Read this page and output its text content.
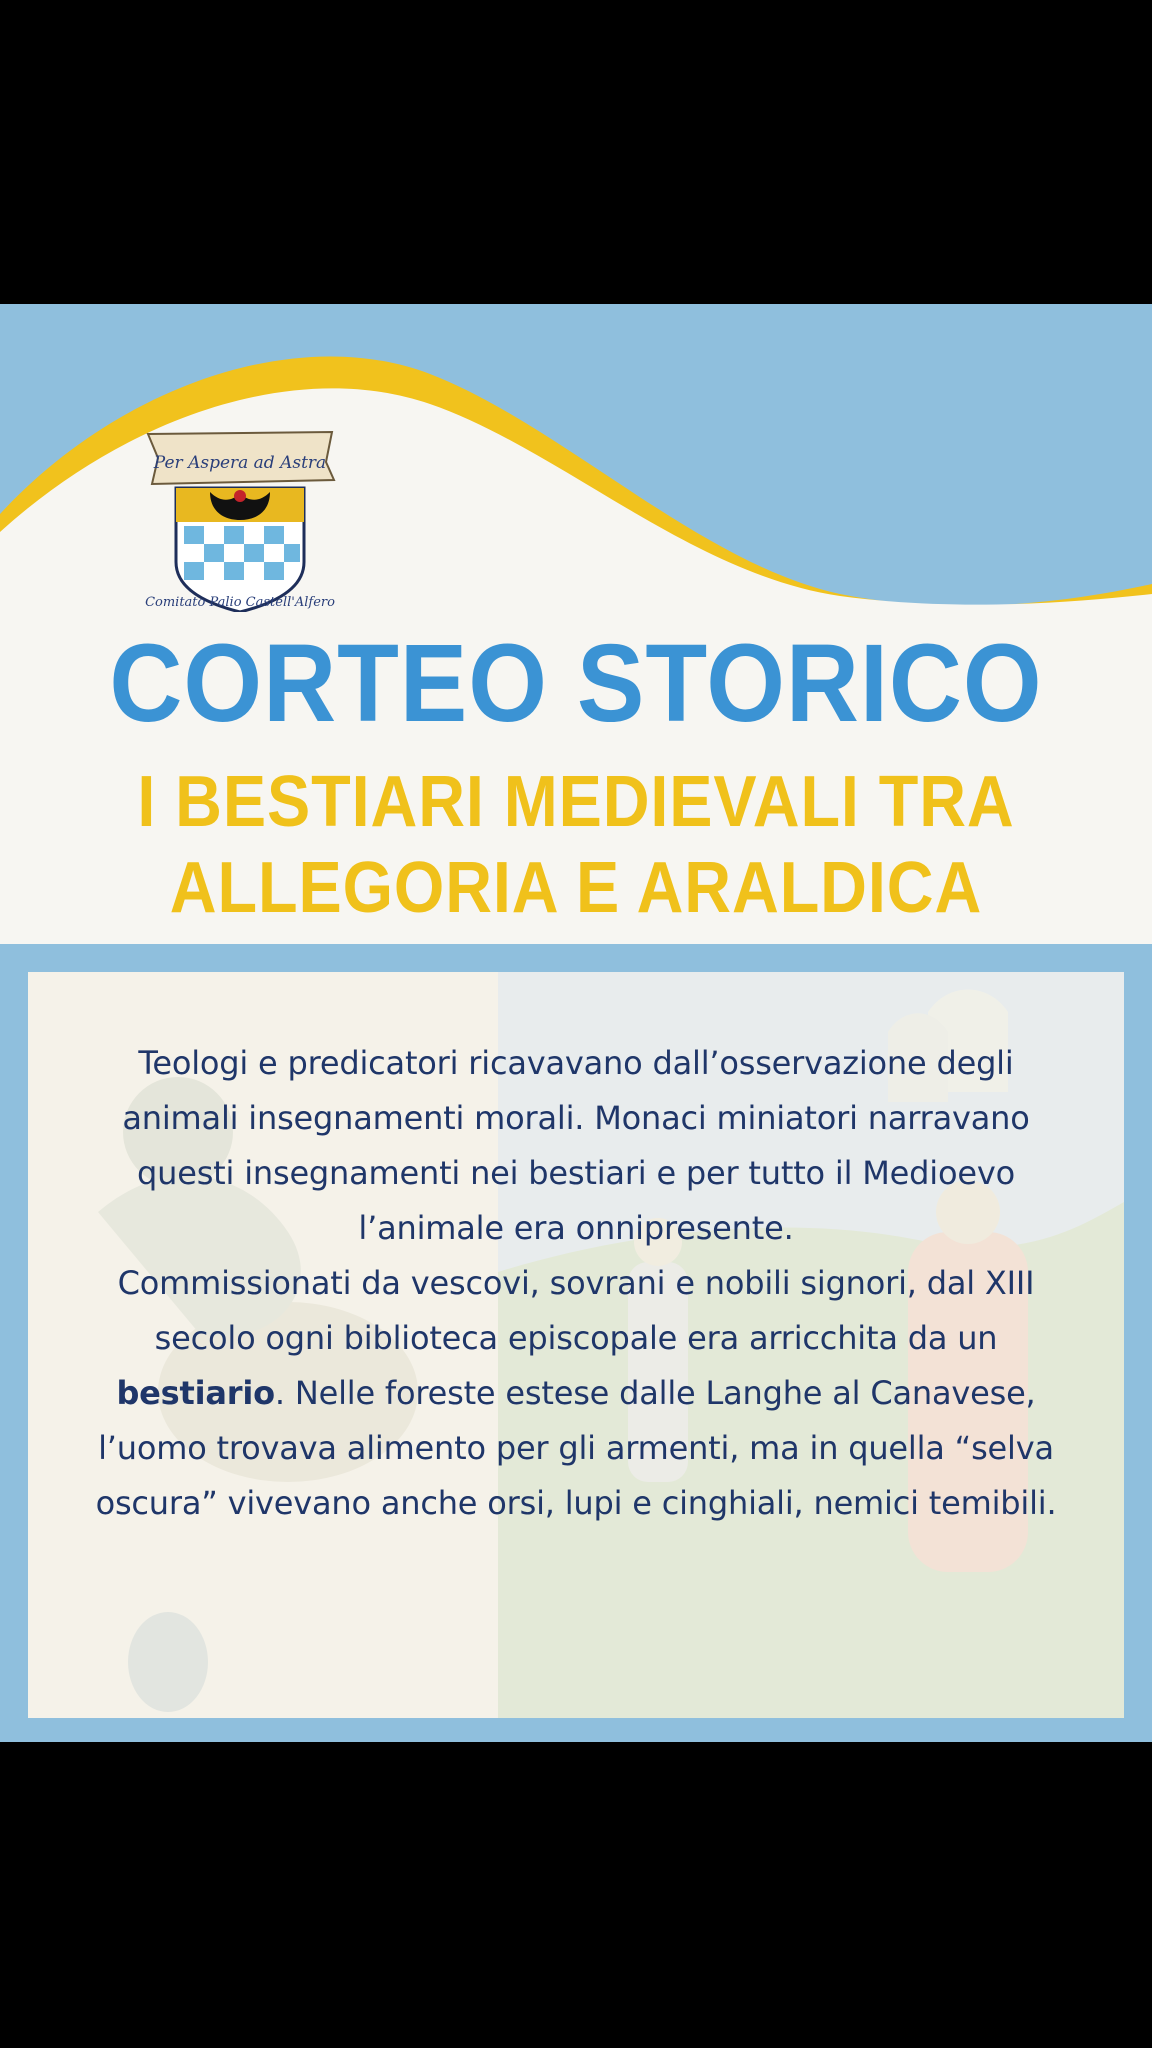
Per Aspera ad Astra
Comitato Palio Castell'Alfero
CORTEO STORICO
I BESTIARI MEDIEVALI TRA
ALLEGORIA E ARALDICA

Teologi e predicatori ricavavano dall’osservazione degli animali insegnamenti morali. Monaci miniatori narravano questi insegnamenti nei bestiari e per tutto il Medioevo l’animale era onnipresente.
Commissionati da vescovi, sovrani e nobili signori, dal XIII secolo ogni biblioteca episcopale era arricchita da un bestiario. Nelle foreste estese dalle Langhe al Canavese, l’uomo trovava alimento per gli armenti, ma in quella “selva oscura” vivevano anche orsi, lupi e cinghiali, nemici temibili.
